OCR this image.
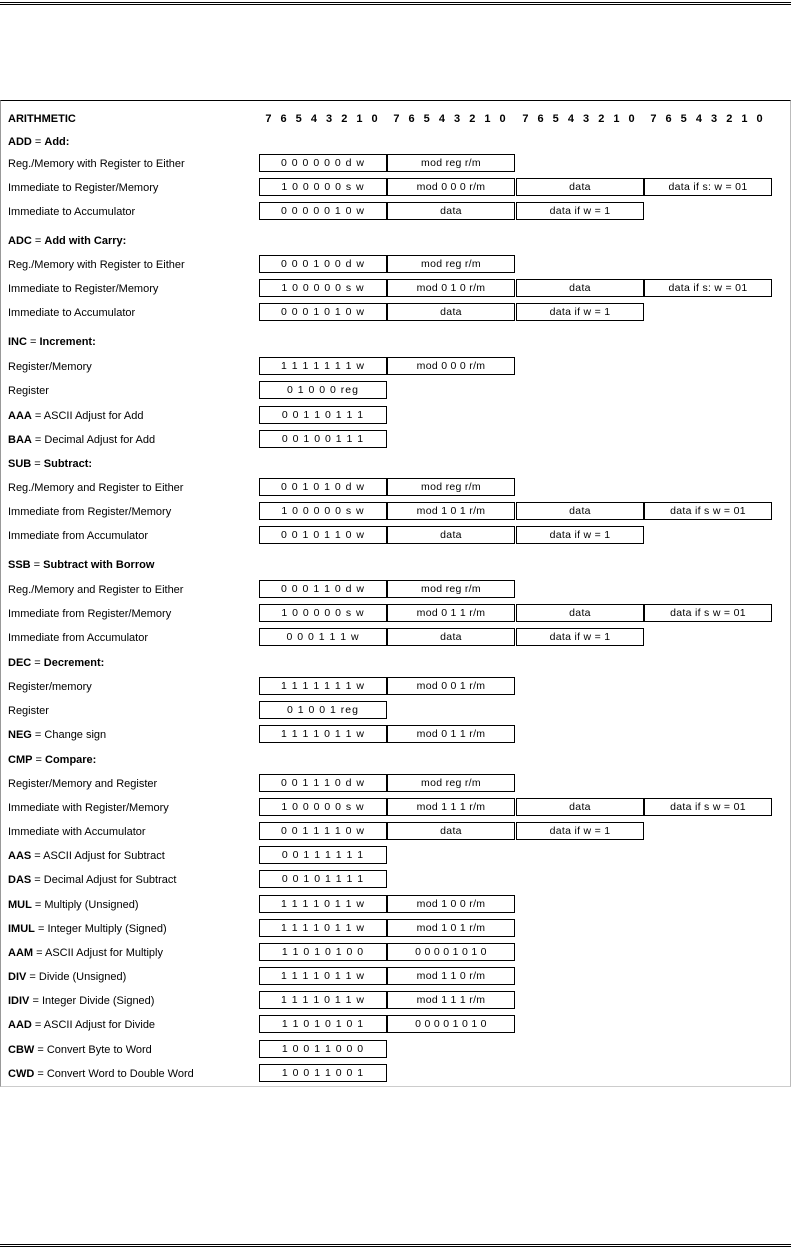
ARITHMETIC	7 6 5 4 3 2 1 0	7 6 5 4 3 2 1 0	7 6 5 4 3 2 1 0	7 6 5 4 3 2 1 0
ADD = Add:
Reg./Memory with Register to Either	0 0 0 0 0 0 d w	mod reg r/m
Immediate to Register/Memory	1 0 0 0 0 0 s w	mod 0 0 0 r/m	data	data if s: w = 01
Immediate to Accumulator	0 0 0 0 0 1 0 w	data	data if w = 1
ADC = Add with Carry:
Reg./Memory with Register to Either	0 0 0 1 0 0 d w	mod reg r/m
Immediate to Register/Memory	1 0 0 0 0 0 s w	mod 0 1 0 r/m	data	data if s: w = 01
Immediate to Accumulator	0 0 0 1 0 1 0 w	data	data if w = 1
INC = Increment:
Register/Memory	1 1 1 1 1 1 1 w	mod 0 0 0 r/m
Register	0 1 0 0 0 reg
AAA = ASCII Adjust for Add	0 0 1 1 0 1 1 1
BAA = Decimal Adjust for Add	0 0 1 0 0 1 1 1
SUB = Subtract:
Reg./Memory and Register to Either	0 0 1 0 1 0 d w	mod reg r/m
Immediate from Register/Memory	1 0 0 0 0 0 s w	mod 1 0 1 r/m	data	data if s w = 01
Immediate from Accumulator	0 0 1 0 1 1 0 w	data	data if w = 1
SSB = Subtract with Borrow
Reg./Memory and Register to Either	0 0 0 1 1 0 d w	mod reg r/m
Immediate from Register/Memory	1 0 0 0 0 0 s w	mod 0 1 1 r/m	data	data if s w = 01
Immediate from Accumulator	0 0 0 1 1 1 w	data	data if w = 1
DEC = Decrement:
Register/memory	1 1 1 1 1 1 1 w	mod 0 0 1 r/m
Register	0 1 0 0 1 reg
NEG = Change sign	1 1 1 1 0 1 1 w	mod 0 1 1 r/m
CMP = Compare:
Register/Memory and Register	0 0 1 1 1 0 d w	mod reg r/m
Immediate with Register/Memory	1 0 0 0 0 0 s w	mod 1 1 1 r/m	data	data if s w = 01
Immediate with Accumulator	0 0 1 1 1 1 0 w	data	data if w = 1
AAS = ASCII Adjust for Subtract	0 0 1 1 1 1 1 1
DAS = Decimal Adjust for Subtract	0 0 1 0 1 1 1 1
MUL = Multiply (Unsigned)	1 1 1 1 0 1 1 w	mod 1 0 0 r/m
IMUL = Integer Multiply (Signed)	1 1 1 1 0 1 1 w	mod 1 0 1 r/m
AAM = ASCII Adjust for Multiply	1 1 0 1 0 1 0 0	0 0 0 0 1 0 1 0
DIV = Divide (Unsigned)	1 1 1 1 0 1 1 w	mod 1 1 0 r/m
IDIV = Integer Divide (Signed)	1 1 1 1 0 1 1 w	mod 1 1 1 r/m
AAD = ASCII Adjust for Divide	1 1 0 1 0 1 0 1	0 0 0 0 1 0 1 0
CBW = Convert Byte to Word	1 0 0 1 1 0 0 0
CWD = Convert Word to Double Word	1 0 0 1 1 0 0 1
